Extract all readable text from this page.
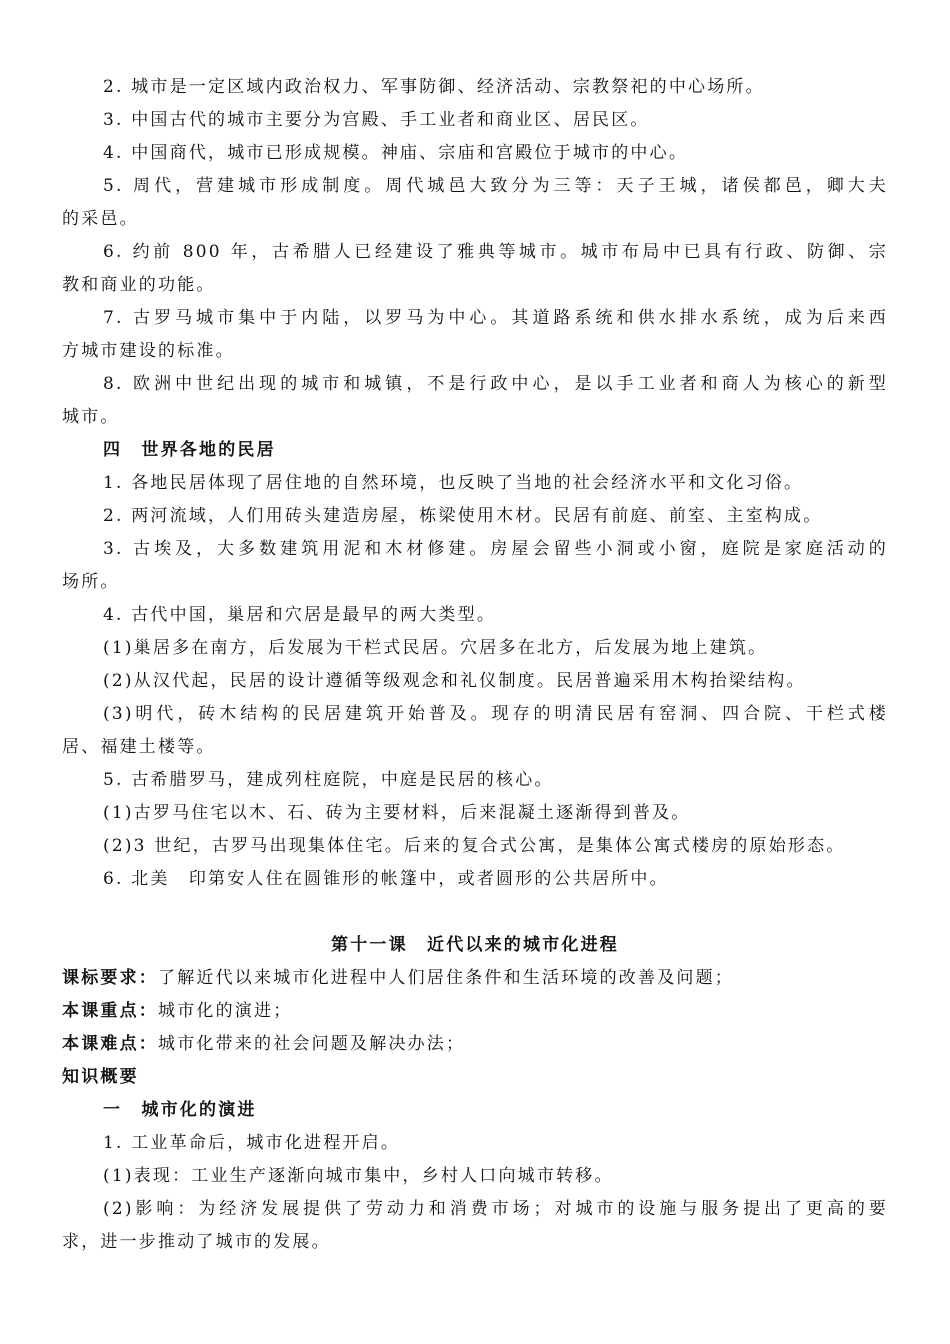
2. 城市是一定区域内政治权力、军事防御、经济活动、宗教祭祀的中心场所。
3. 中国古代的城市主要分为宫殿、手工业者和商业区、居民区。
4. 中国商代，城市已形成规模。神庙、宗庙和宫殿位于城市的中心。
5. 周代，营建城市形成制度。周代城邑大致分为三等：天子王城，诸侯都邑，卿大夫
的采邑。
6. 约前 800 年，古希腊人已经建设了雅典等城市。城市布局中已具有行政、防御、宗
教和商业的功能。
7. 古罗马城市集中于内陆，以罗马为中心。其道路系统和供水排水系统，成为后来西
方城市建设的标准。
8. 欧洲中世纪出现的城市和城镇，不是行政中心，是以手工业者和商人为核心的新型
城市。
四　世界各地的民居
1. 各地民居体现了居住地的自然环境，也反映了当地的社会经济水平和文化习俗。
2. 两河流域，人们用砖头建造房屋，栋梁使用木材。民居有前庭、前室、主室构成。
3. 古埃及，大多数建筑用泥和木材修建。房屋会留些小洞或小窗，庭院是家庭活动的
场所。
4. 古代中国，巢居和穴居是最早的两大类型。
(1)巢居多在南方，后发展为干栏式民居。穴居多在北方，后发展为地上建筑。
(2)从汉代起，民居的设计遵循等级观念和礼仪制度。民居普遍采用木构抬梁结构。
(3)明代，砖木结构的民居建筑开始普及。现存的明清民居有窑洞、四合院、干栏式楼
居、福建土楼等。
5. 古希腊罗马，建成列柱庭院，中庭是民居的核心。
(1)古罗马住宅以木、石、砖为主要材料，后来混凝土逐渐得到普及。
(2)3 世纪，古罗马出现集体住宅。后来的复合式公寓，是集体公寓式楼房的原始形态。
6. 北美　印第安人住在圆锥形的帐篷中，或者圆形的公共居所中。
第十一课　近代以来的城市化进程
课标要求：了解近代以来城市化进程中人们居住条件和生活环境的改善及问题；
本课重点：城市化的演进；
本课难点：城市化带来的社会问题及解决办法；
知识概要
一　城市化的演进
1. 工业革命后，城市化进程开启。
(1)表现：工业生产逐渐向城市集中，乡村人口向城市转移。
(2)影响：为经济发展提供了劳动力和消费市场；对城市的设施与服务提出了更高的要
求，进一步推动了城市的发展。
